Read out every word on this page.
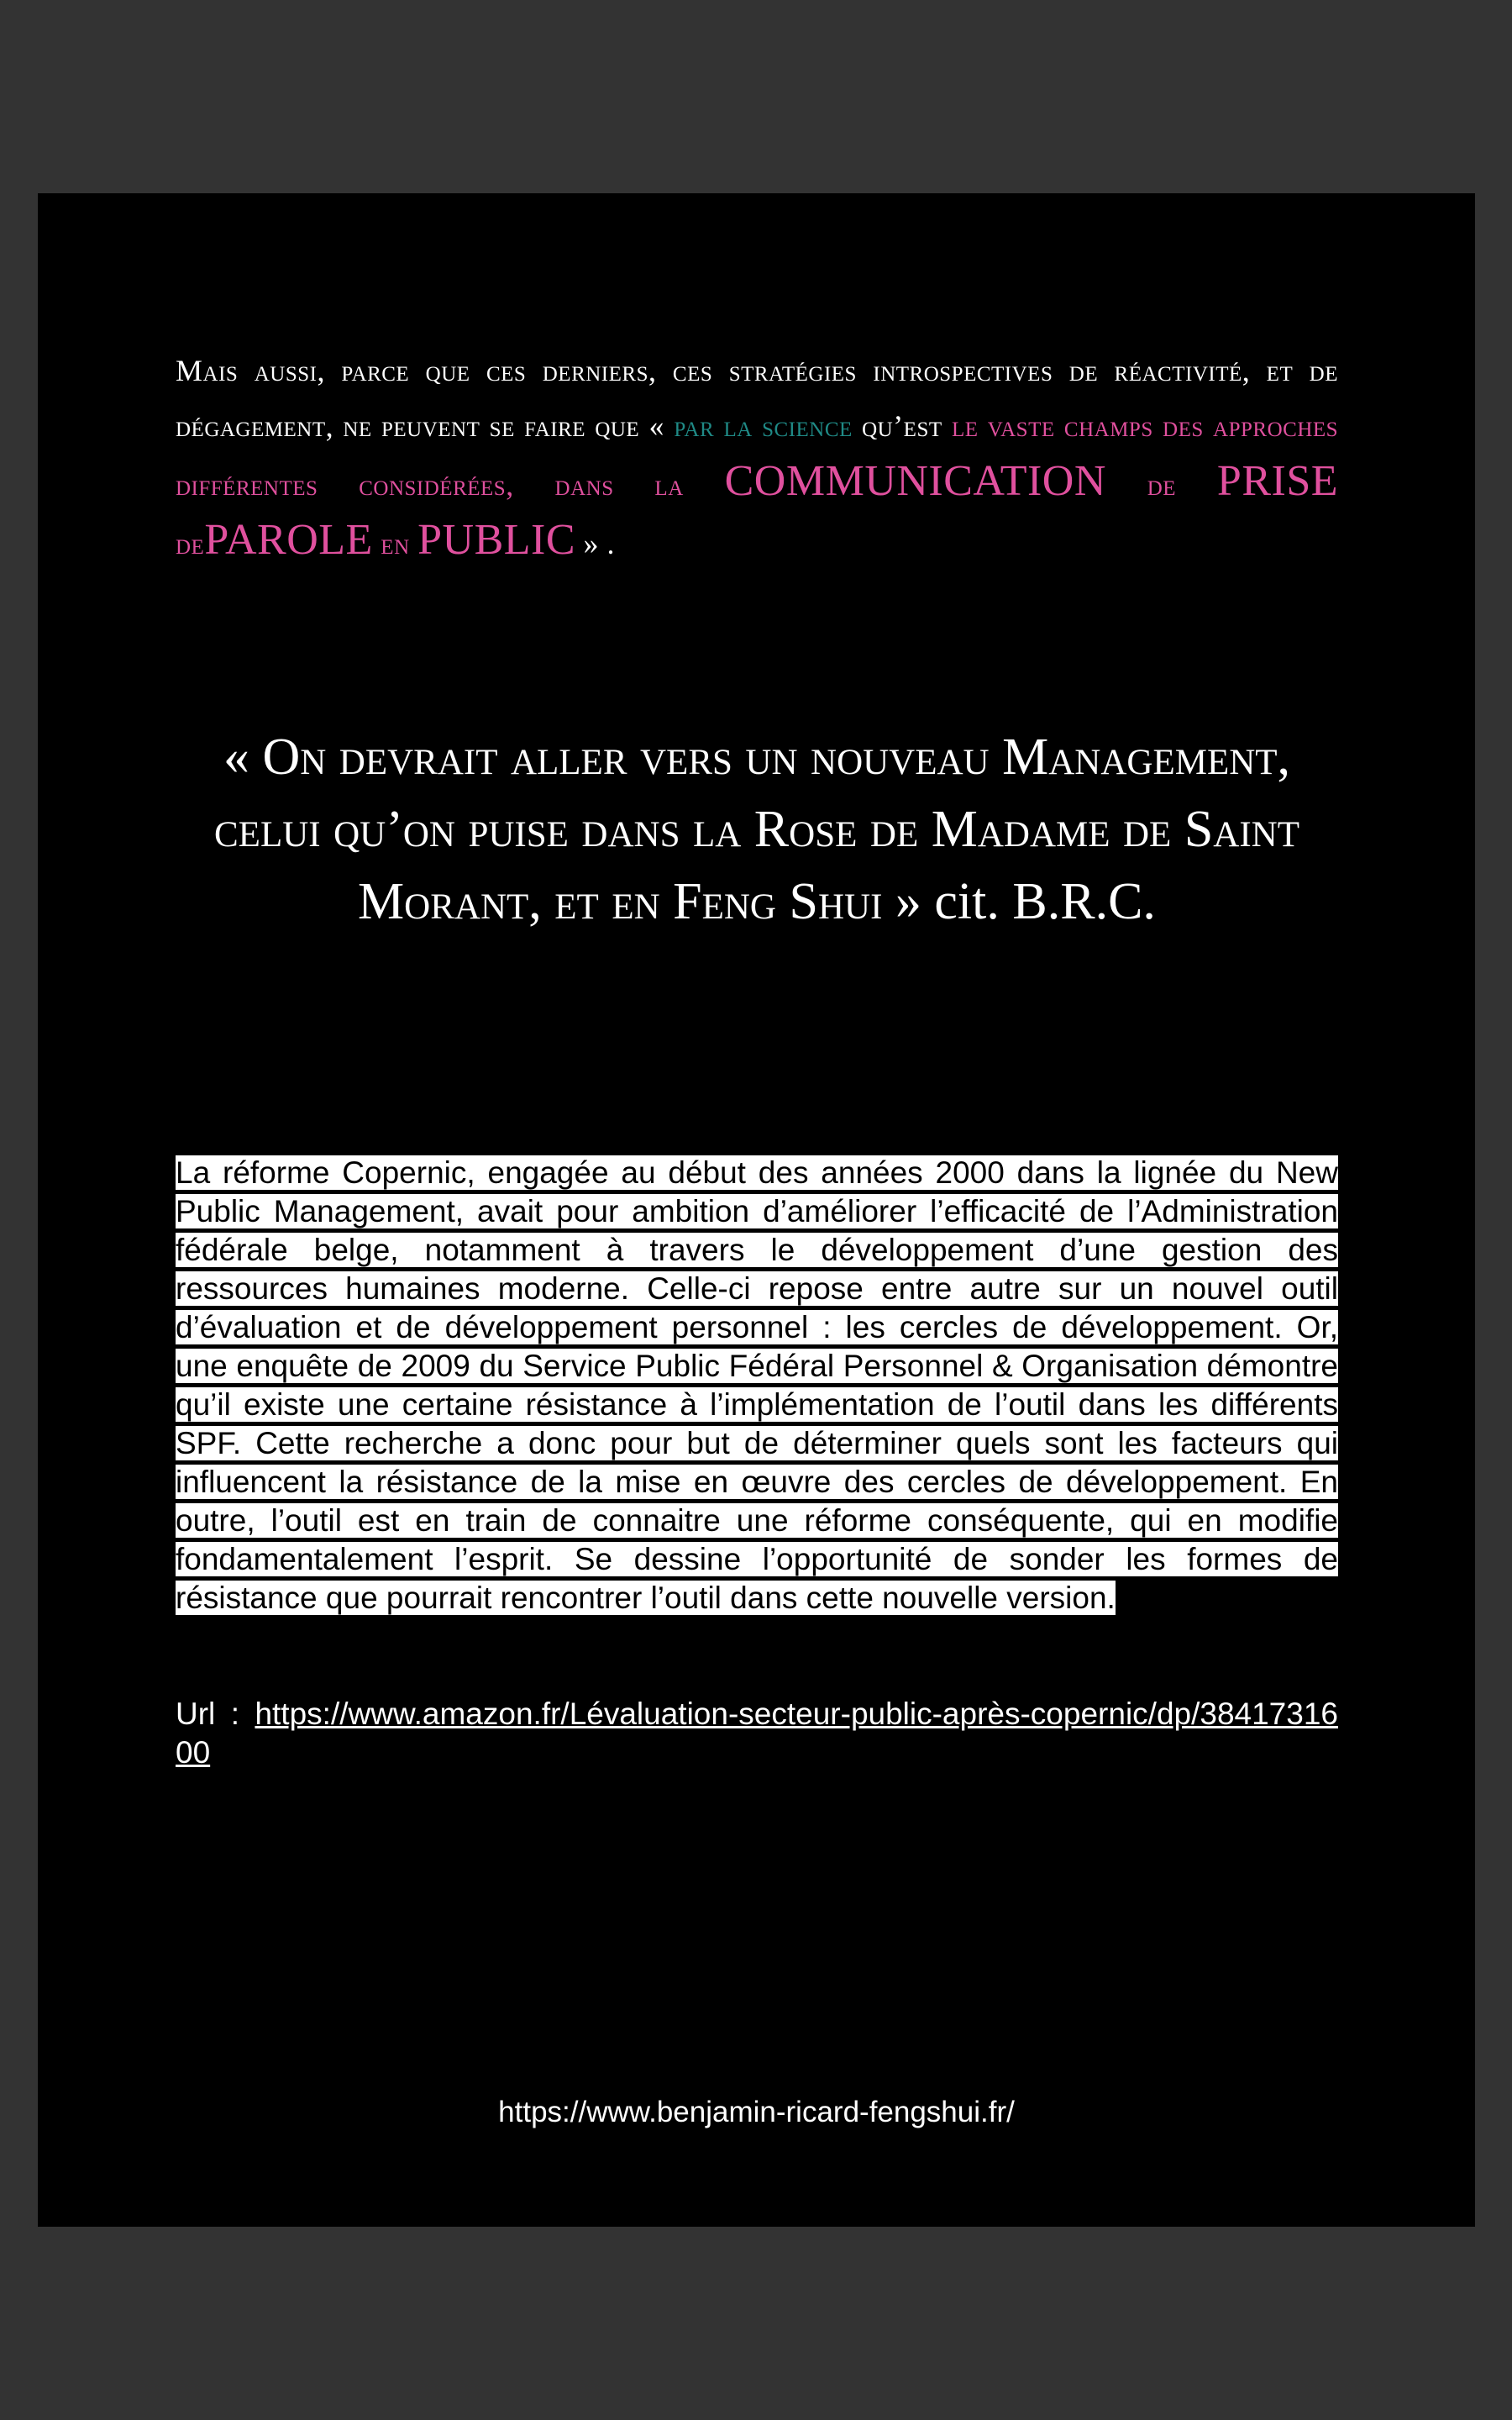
Mais aussi, parce que ces derniers, ces stratégies introspectives de réactivité, et de dégagement, ne peuvent se faire que « par la science qu’est le vaste champs des approches différentes considérées, dans la COMMUNICATION de PRISE dePAROLE en PUBLIC » .

« On devrait aller vers un nouveau Management, celui qu’on puise dans la Rose de Madame de Saint Morant, et en Feng Shui » cit. B.R.C.

La réforme Copernic, engagée au début des années 2000 dans la lignée du New Public Management, avait pour ambition d’améliorer l’efficacité de l’Administration fédérale belge, notamment à travers le développement d’une gestion des ressources humaines moderne. Celle-ci repose entre autre sur un nouvel outil d’évaluation et de développement personnel : les cercles de développement. Or, une enquête de 2009 du Service Public Fédéral Personnel & Organisation démontre qu’il existe une certaine résistance à l’implémentation de l’outil dans les différents SPF. Cette recherche a donc pour but de déterminer quels sont les facteurs qui influencent la résistance de la mise en œuvre des cercles de développement. En outre, l’outil est en train de connaitre une réforme conséquente, qui en modifie fondamentalement l’esprit. Se dessine l’opportunité de sonder les formes de résistance que pourrait rencontrer l’outil dans cette nouvelle version.

Url : https://www.amazon.fr/Lévaluation-secteur-public-après-copernic/dp/3841731600

https://www.benjamin-ricard-fengshui.fr/
